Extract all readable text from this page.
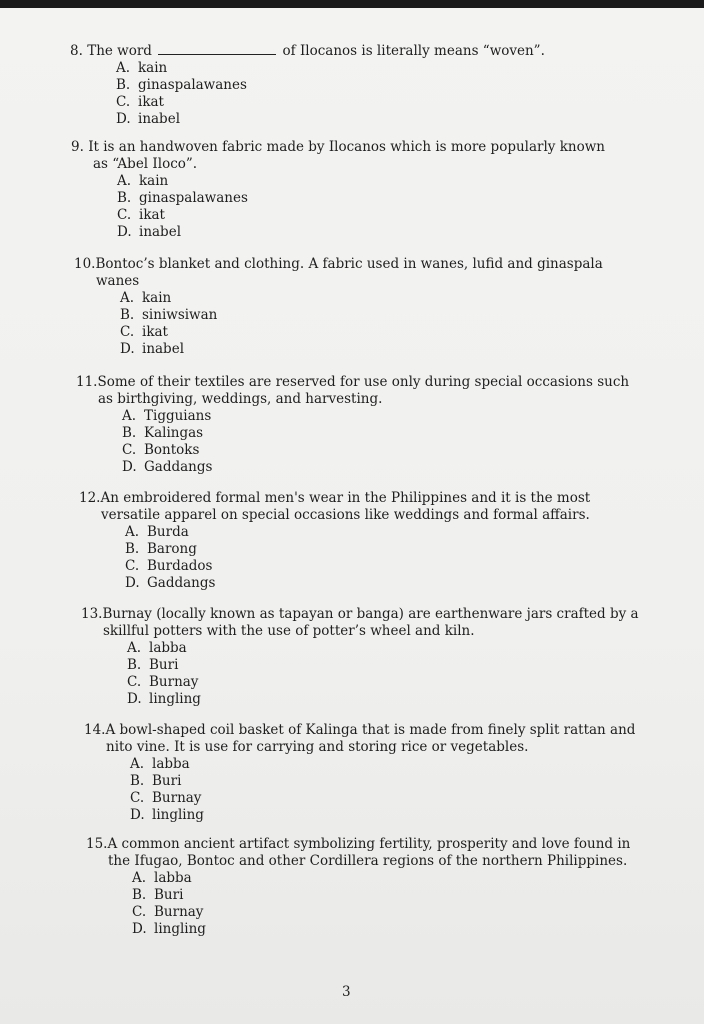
8. The word	of Ilocanos is literally means “woven”.
A. kain
B. ginaspalawanes
C. ikat
D. inabel
9. It is an handwoven fabric made by Ilocanos which is more popularly known
as “Abel Iloco”.
A. kain
B. ginaspalawanes
C. ikat
D. inabel
10.Bontoc’s blanket and clothing. A fabric used in wanes, lufid and ginaspala
wanes
A. kain
B. siniwsiwan
C. ikat
D. inabel
11.Some of their textiles are reserved for use only during special occasions such
as birthgiving, weddings, and harvesting.
A. Tigguians
B. Kalingas
C. Bontoks
D. Gaddangs
12.An embroidered formal men's wear in the Philippines and it is the most
versatile apparel on special occasions like weddings and formal affairs.
A. Burda
B. Barong
C. Burdados
D. Gaddangs
13.Burnay (locally known as tapayan or banga) are earthenware jars crafted by a
skillful potters with the use of potter’s wheel and kiln.
A. labba
B. Buri
C. Burnay
D. lingling
14.A bowl-shaped coil basket of Kalinga that is made from finely split rattan and
nito vine. It is use for carrying and storing rice or vegetables.
A. labba
B. Buri
C. Burnay
D. lingling
15.A common ancient artifact symbolizing fertility, prosperity and love found in
the Ifugao, Bontoc and other Cordillera regions of the northern Philippines.
A. labba
B. Buri
C. Burnay
D. lingling
3
